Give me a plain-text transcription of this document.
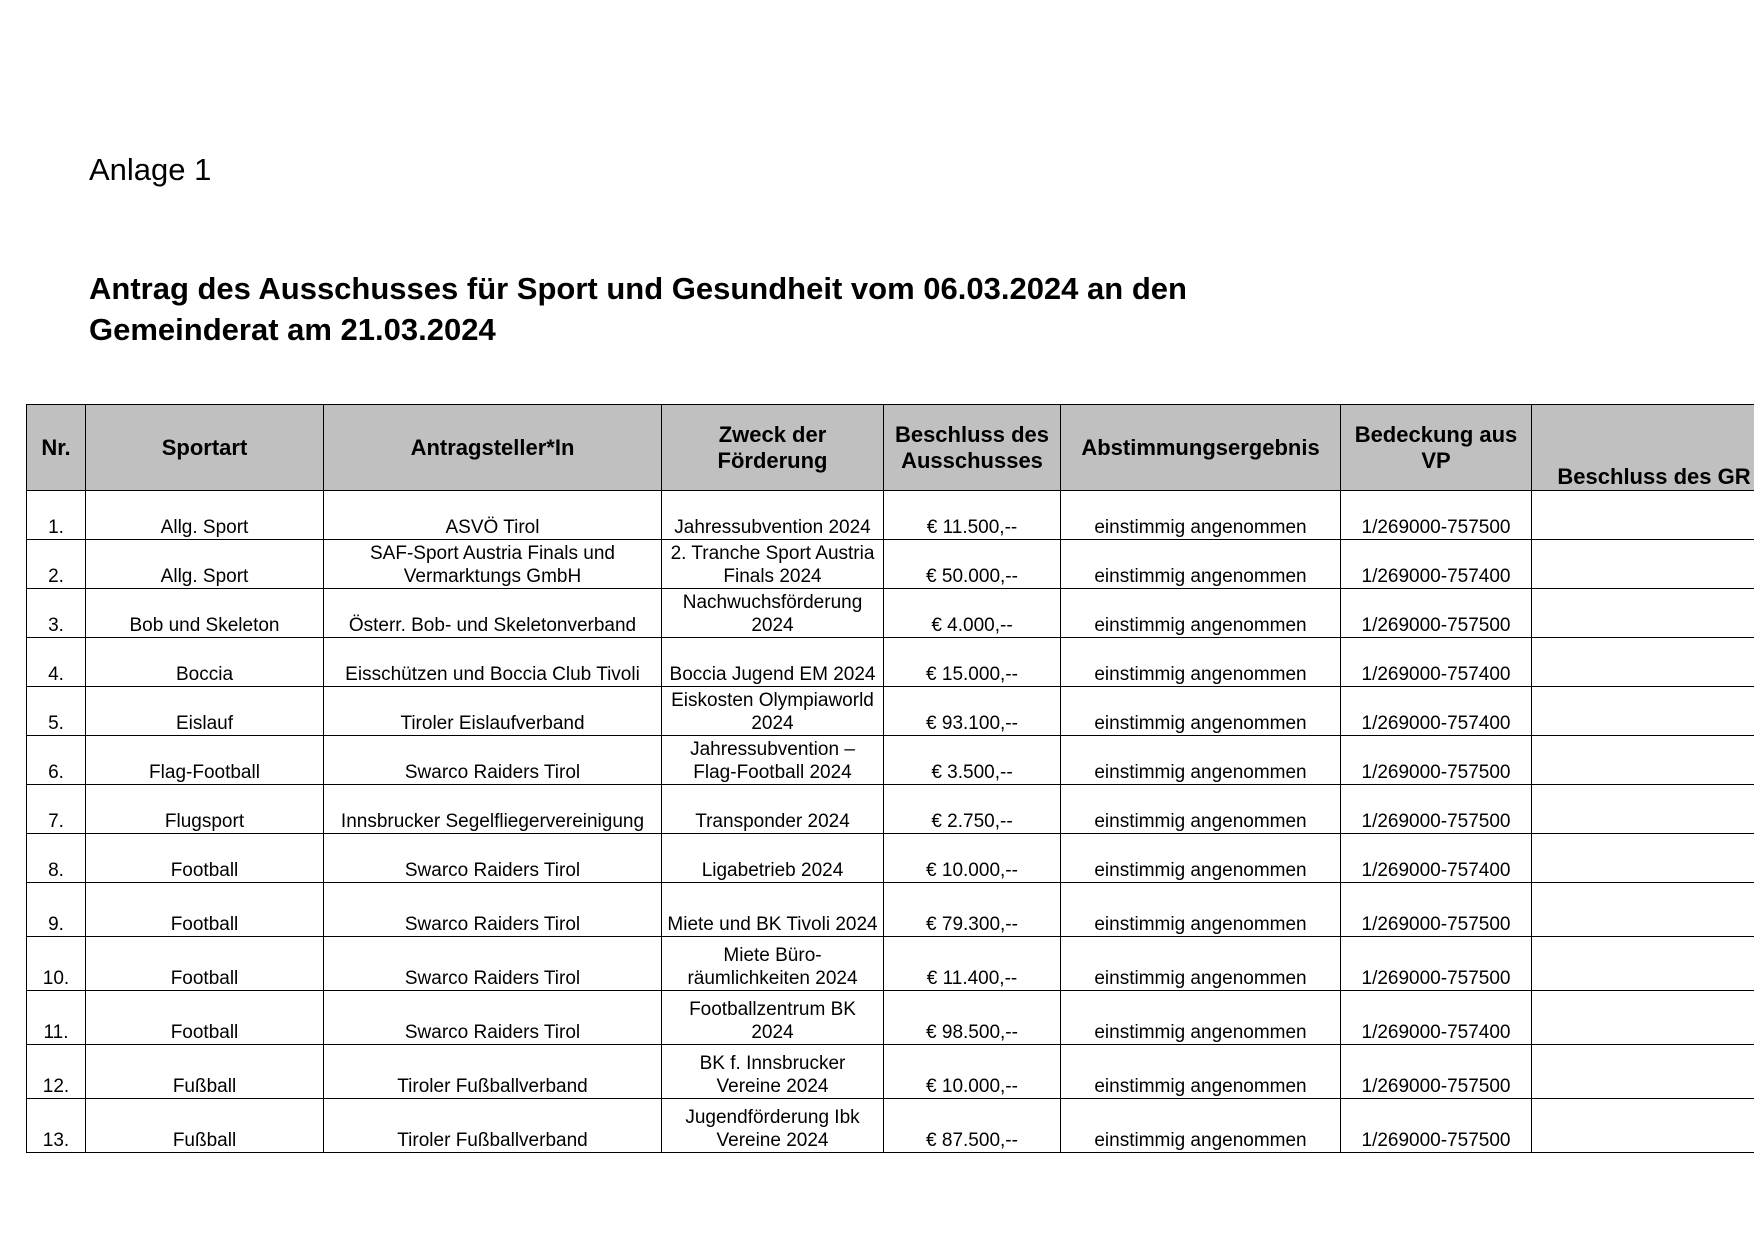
Anlage 1

Antrag des Ausschusses für Sport und Gesundheit vom 06.03.2024 an den
Gemeinderat am 21.03.2024
Nr.	Sportart	Antragsteller*In	Zweck der Förderung	Beschluss des Ausschusses	Abstimmungsergebnis	Bedeckung aus VP	Beschluss des GR
1.	Allg. Sport	ASVÖ Tirol	Jahressubvention 2024	€ 11.500,--	einstimmig angenommen	1/269000-757500	
2.	Allg. Sport	SAF-Sport Austria Finals und Vermarktungs GmbH	2. Tranche Sport Austria Finals 2024	€ 50.000,--	einstimmig angenommen	1/269000-757400	
3.	Bob und Skeleton	Österr. Bob- und Skeletonverband	Nachwuchsförderung 2024	€ 4.000,--	einstimmig angenommen	1/269000-757500	
4.	Boccia	Eisschützen und Boccia Club Tivoli	Boccia Jugend EM 2024	€ 15.000,--	einstimmig angenommen	1/269000-757400	
5.	Eislauf	Tiroler Eislaufverband	Eiskosten Olympiaworld 2024	€ 93.100,--	einstimmig angenommen	1/269000-757400	
6.	Flag-Football	Swarco Raiders Tirol	Jahressubvention – Flag-Football 2024	€ 3.500,--	einstimmig angenommen	1/269000-757500	
7.	Flugsport	Innsbrucker Segelfliegervereinigung	Transponder 2024	€ 2.750,--	einstimmig angenommen	1/269000-757500	
8.	Football	Swarco Raiders Tirol	Ligabetrieb 2024	€ 10.000,--	einstimmig angenommen	1/269000-757400	
9.	Football	Swarco Raiders Tirol	Miete und BK Tivoli 2024	€ 79.300,--	einstimmig angenommen	1/269000-757500	
10.	Football	Swarco Raiders Tirol	Miete Büro-räumlichkeiten 2024	€ 11.400,--	einstimmig angenommen	1/269000-757500	
11.	Football	Swarco Raiders Tirol	Footballzentrum BK 2024	€ 98.500,--	einstimmig angenommen	1/269000-757400	
12.	Fußball	Tiroler Fußballverband	BK f. Innsbrucker Vereine 2024	€ 10.000,--	einstimmig angenommen	1/269000-757500	
13.	Fußball	Tiroler Fußballverband	Jugendförderung Ibk Vereine 2024	€ 87.500,--	einstimmig angenommen	1/269000-757500	
